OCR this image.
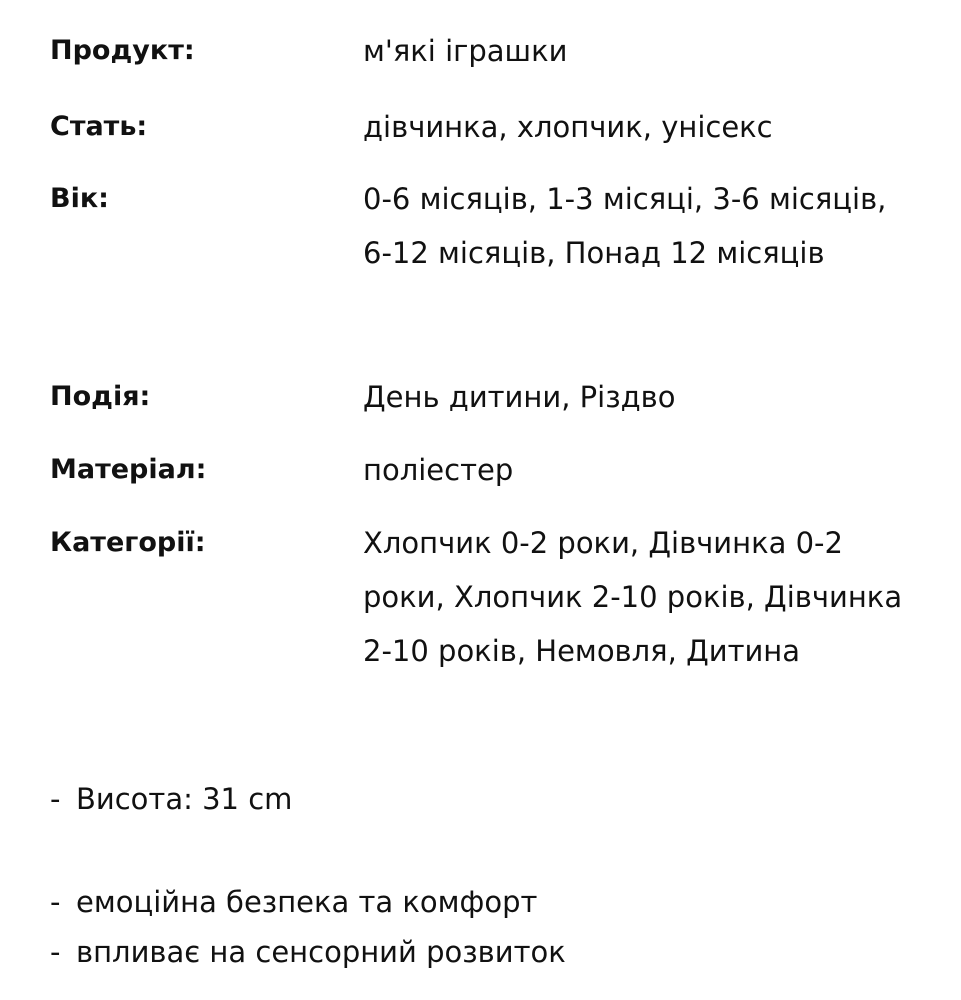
Продукт:	м'які іграшки
Стать:	дівчинка, хлопчик, унісекс
Вік:	0-6 місяців, 1-3 місяці, 3-6 місяців, 6-12 місяців, Понад 12 місяців
Подія:	День дитини, Різдво
Матеріал:	поліестер
Категорії:	Хлопчик 0-2 роки, Дівчинка 0-2 роки, Хлопчик 2-10 років, Дівчинка 2-10 років, Немовля, Дитина
- Висота: 31 cm
- емоційна безпека та комфорт
- впливає на сенсорний розвиток
